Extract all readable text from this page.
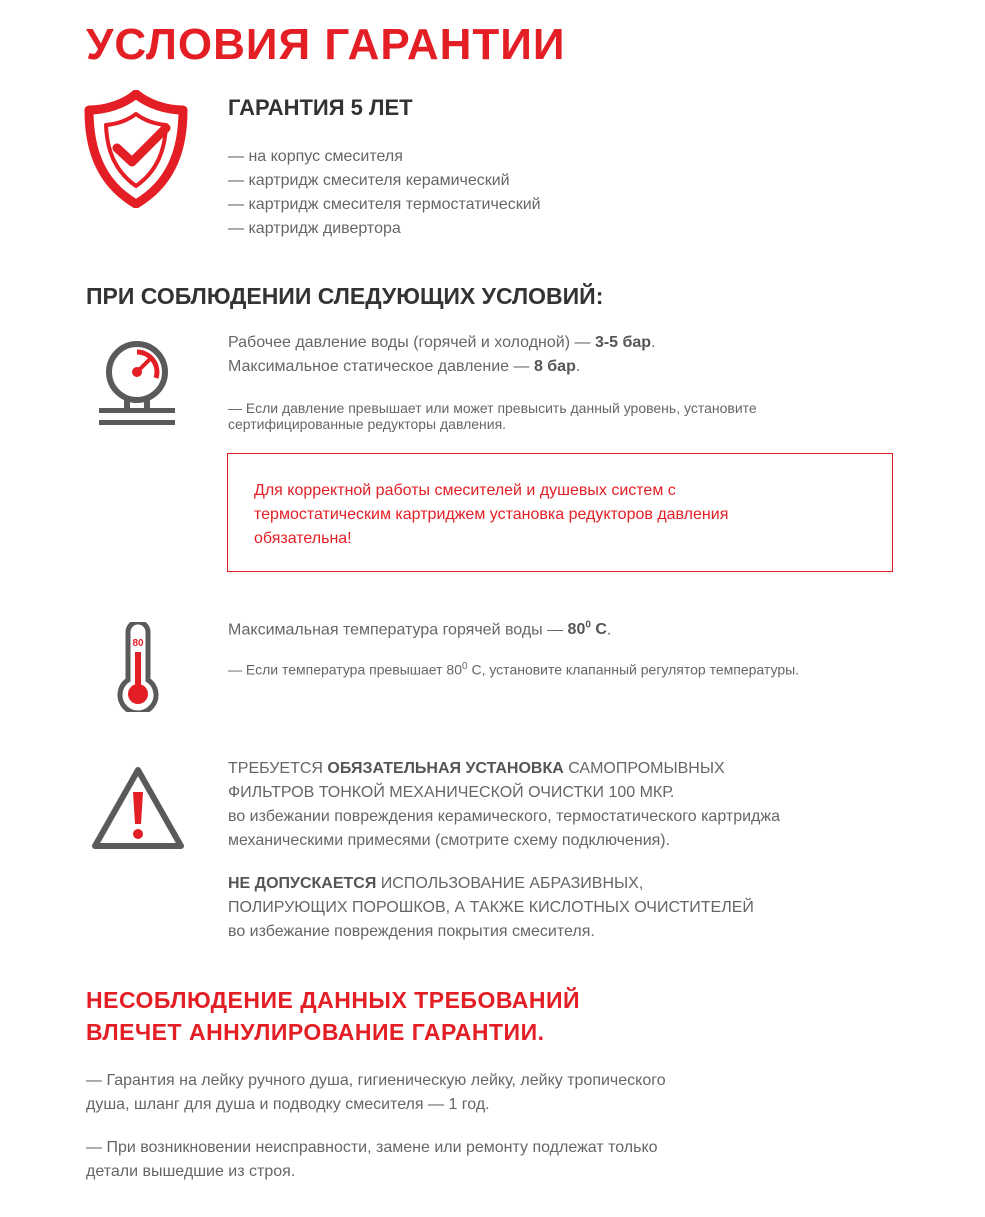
УСЛОВИЯ ГАРАНТИИ
ГАРАНТИЯ 5 ЛЕТ
— на корпус смесителя
— картридж смесителя керамический
— картридж смесителя термостатический
— картридж дивертора
ПРИ СОБЛЮДЕНИИ СЛЕДУЮЩИХ УСЛОВИЙ:

Рабочее давление воды (горячей и холодной) — 3-5 бар.

Максимальное статическое давление — 8 бар.

— Если давление превышает или может превысить данный уровень, установите
сертифицированные редукторы давления.

Для корректной работы смесителей и душевых систем с
термостатическим картриджем установка редукторов давления
обязательна!

80

Максимальная температура горячей воды — $80^0$ С.

— Если температура превышает $80^0$ С, установите клапанный регулятор температуры.

ТРЕБУЕТСЯ ОБЯЗАТЕЛЬНАЯ УСТАНОВКА САМОПРОМЫВНЫХ
ФИЛЬТРОВ ТОНКОЙ МЕХАНИЧЕСКОЙ ОЧИСТКИ 100 МКР.
во избежании повреждения керамического, термостатического картриджа
механическими примесями (смотрите схему подключения).

НЕ ДОПУСКАЕТСЯ ИСПОЛЬЗОВАНИЕ АБРАЗИВНЫХ,
ПОЛИРУЮЩИХ ПОРОШКОВ, А ТАКЖЕ КИСЛОТНЫХ ОЧИСТИТЕЛЕЙ
во избежание повреждения покрытия смесителя.

НЕСОБЛЮДЕНИЕ ДАННЫХ ТРЕБОВАНИЙ
ВЛЕЧЕТ АННУЛИРОВАНИЕ ГАРАНТИИ.

— Гарантия на лейку ручного душа, гигиеническую лейку, лейку тропического
душа, шланг для душа и подводку смесителя — 1 год.

— При возникновении неисправности, замене или ремонту подлежат только
детали вышедшие из строя.
